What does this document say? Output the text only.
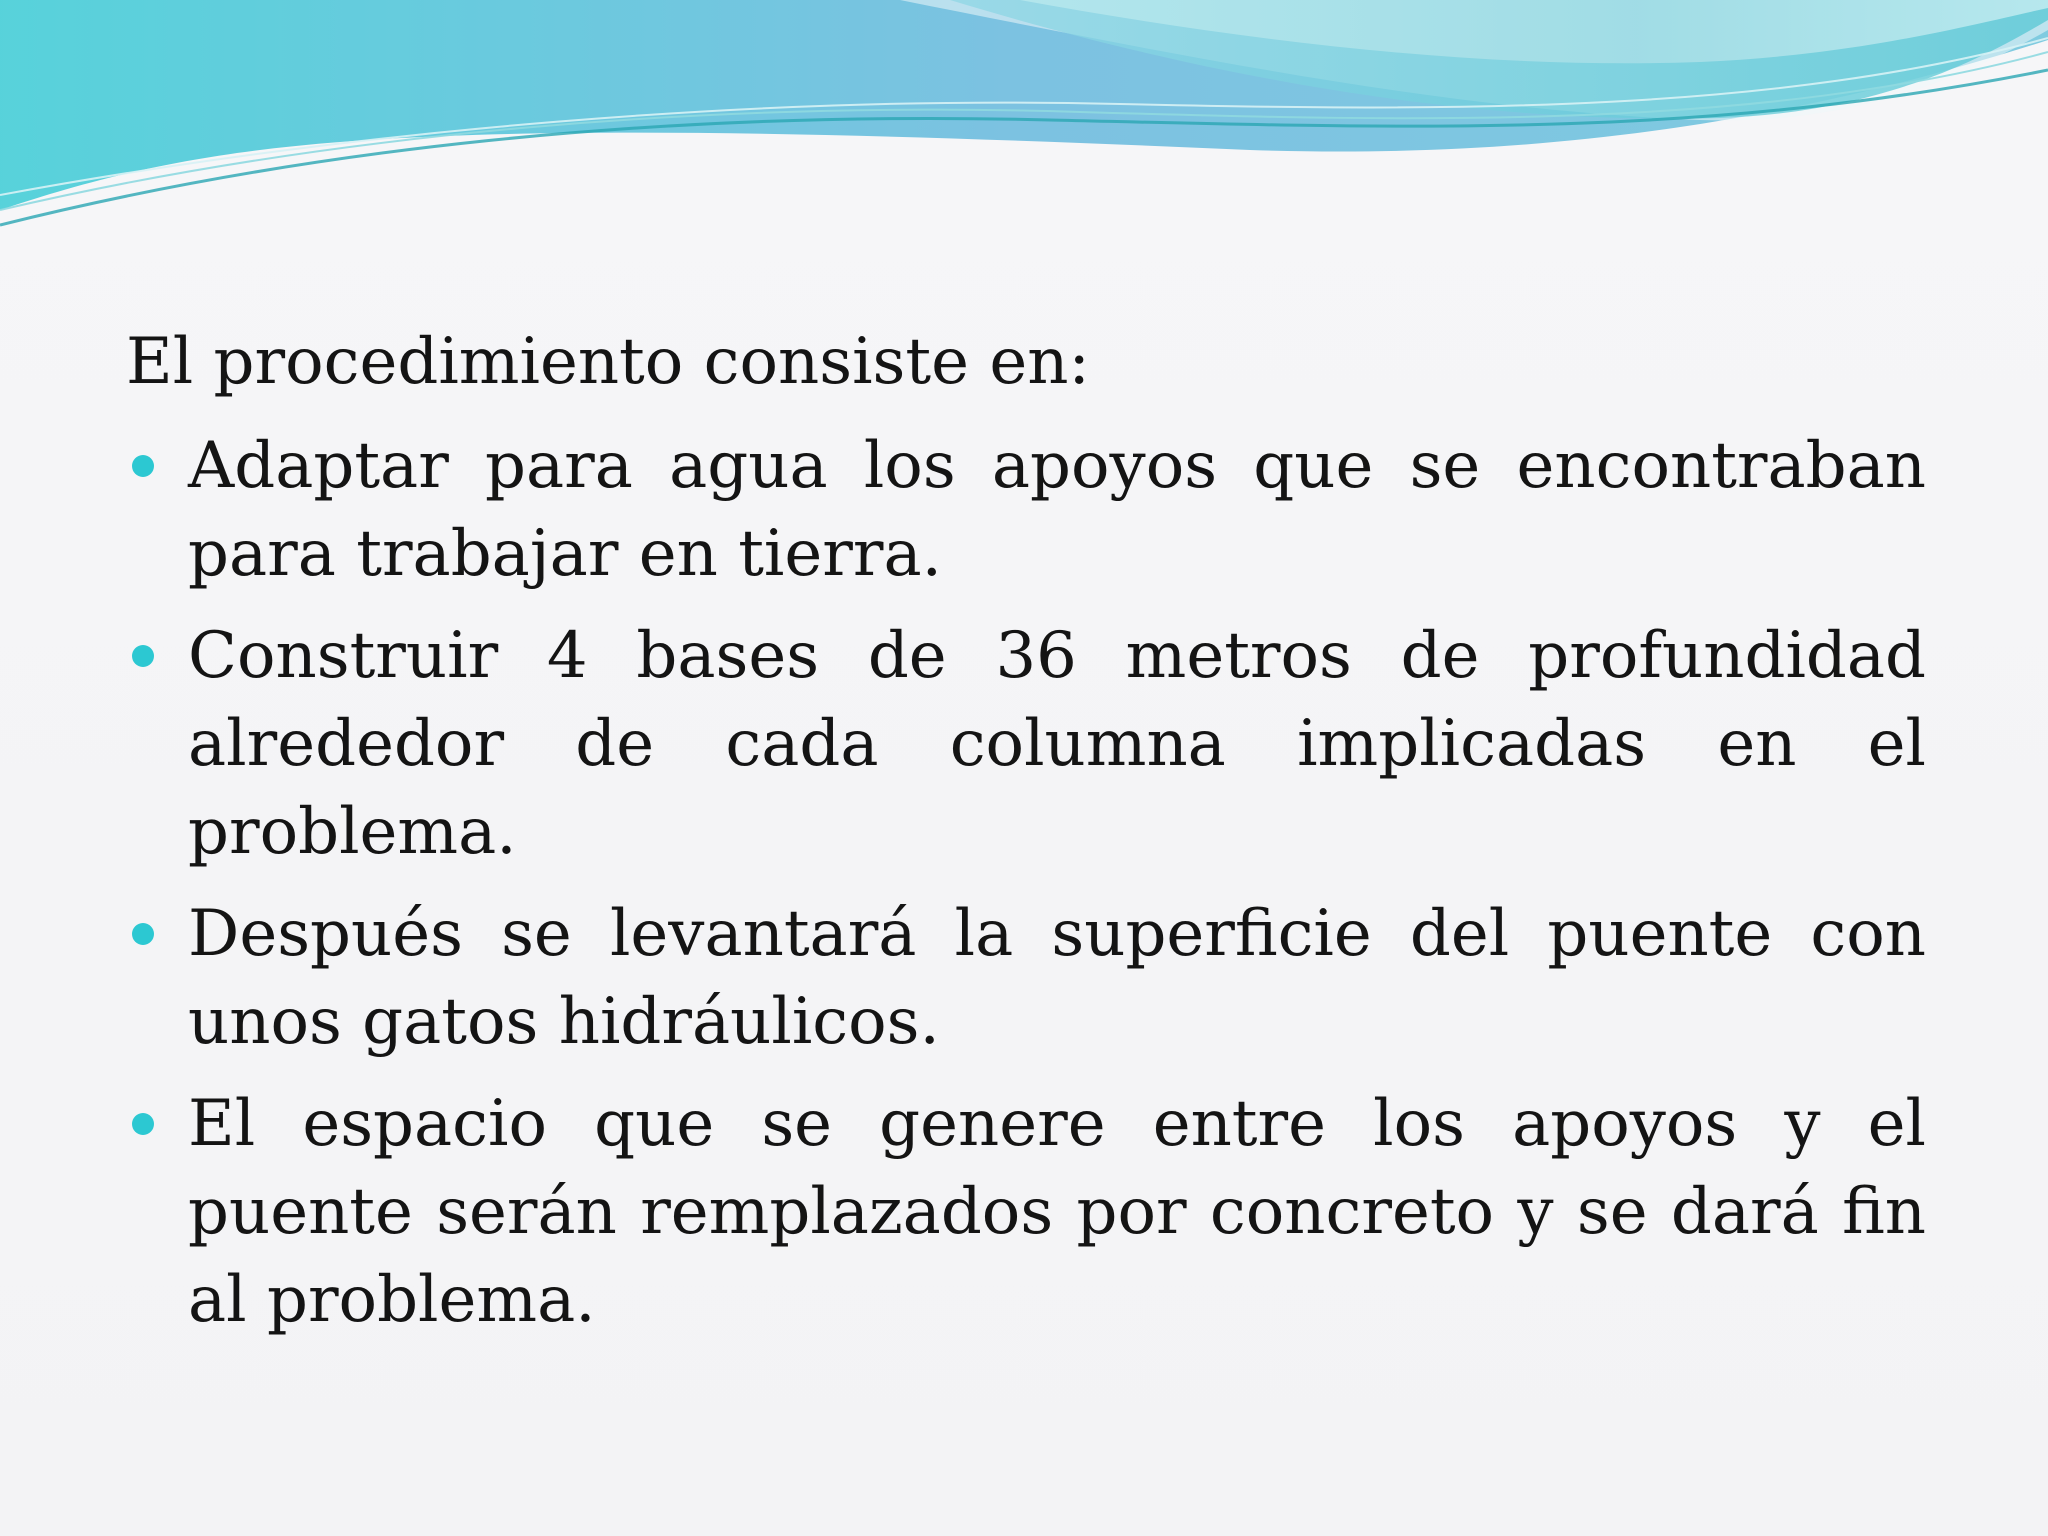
El procedimiento consiste en:

Adaptar para agua los apoyos que se encontraban para trabajar en tierra.
Construir 4 bases de 36 metros de profundidad alrededor de cada columna implicadas en el problema.
Después se levantará la superficie del puente con unos gatos hidráulicos.
El espacio que se genere entre los apoyos y el puente serán remplazados por concreto y se dará fin al problema.
